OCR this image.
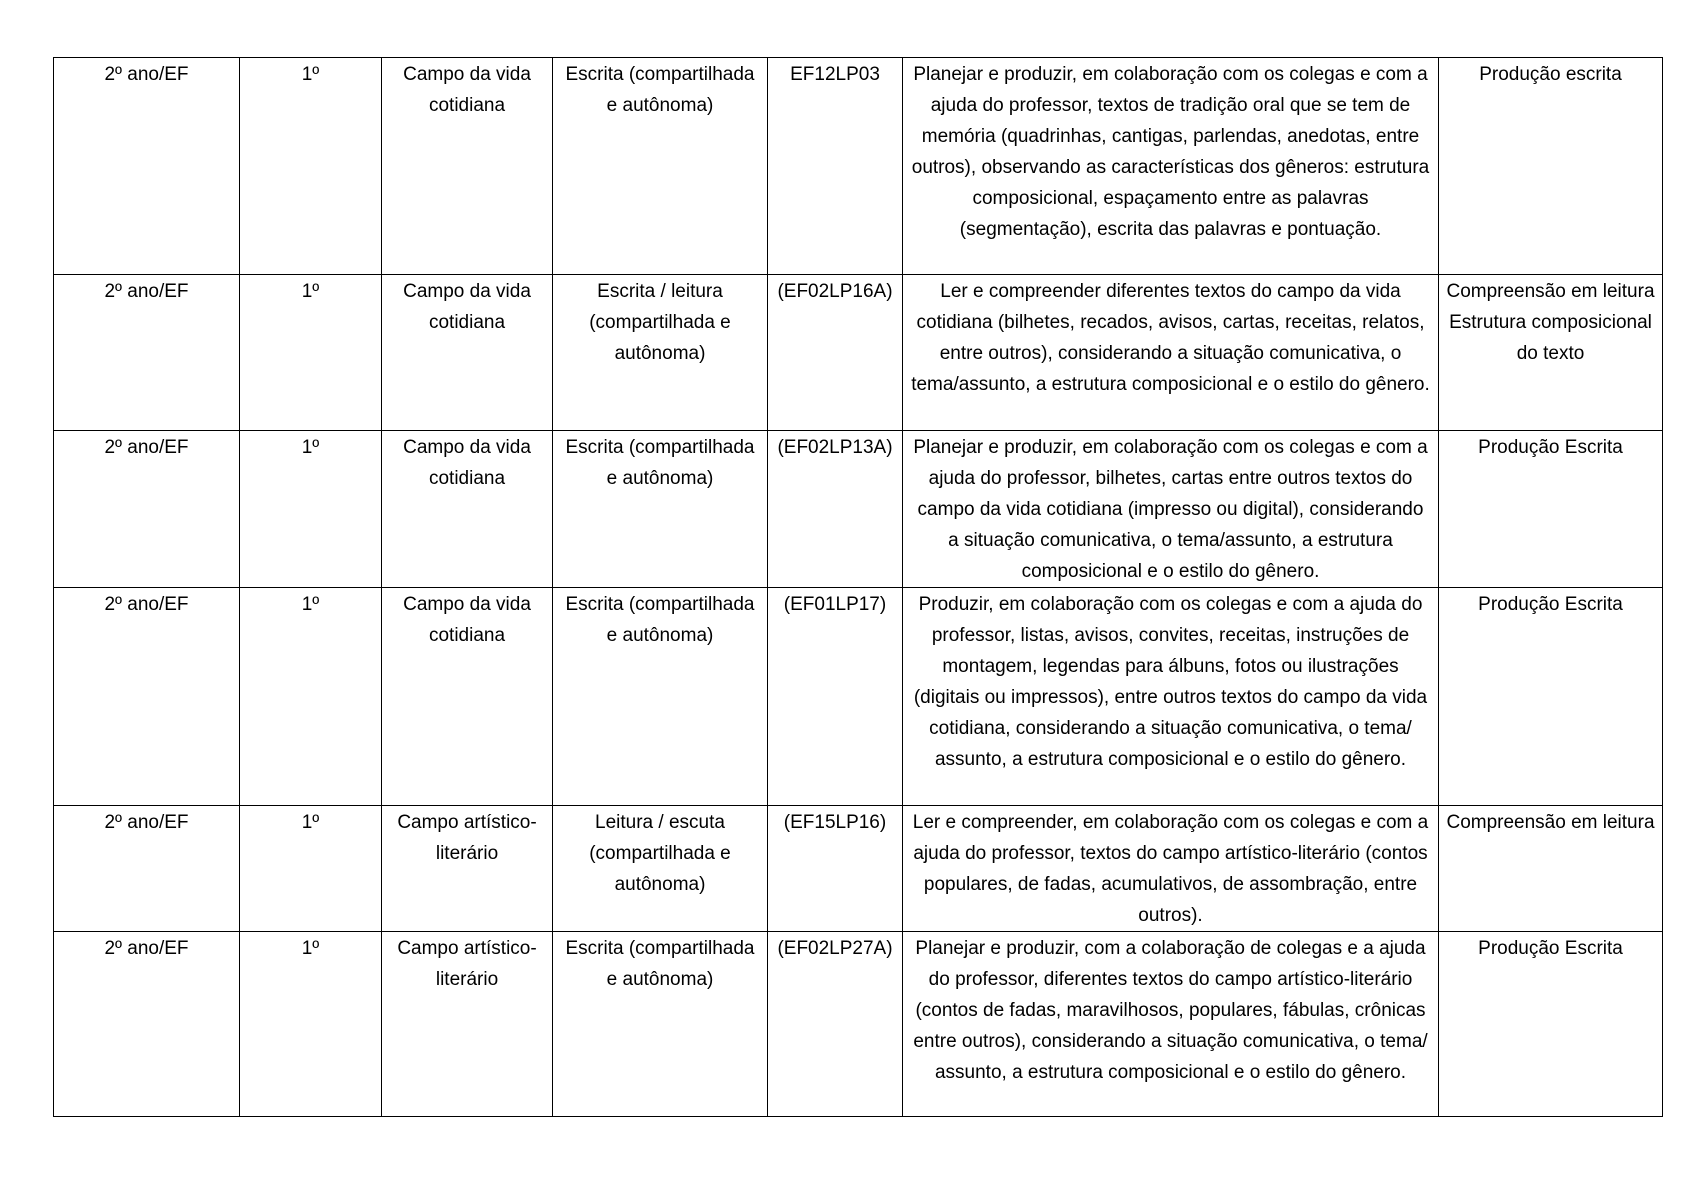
2º ano/EF	1º	Campo da vida cotidiana	Escrita (compartilhada e autônoma)	EF12LP03	Planejar e produzir, em colaboração com os colegas e com a ajuda do professor, textos de tradição oral que se tem de memória (quadrinhas, cantigas, parlendas, anedotas, entre outros), observando as características dos gêneros: estrutura composicional, espaçamento entre as palavras (segmentação), escrita das palavras e pontuação.	Produção escrita
2º ano/EF	1º	Campo da vida cotidiana	Escrita / leitura (compartilhada e autônoma)	(EF02LP16A)	Ler e compreender diferentes textos do campo da vida cotidiana (bilhetes, recados, avisos, cartas, receitas, relatos, entre outros), considerando a situação comunicativa, o tema/assunto, a estrutura composicional e o estilo do gênero.	Compreensão em leitura Estrutura composicional do texto
2º ano/EF	1º	Campo da vida cotidiana	Escrita (compartilhada e autônoma)	(EF02LP13A)	Planejar e produzir, em colaboração com os colegas e com a ajuda do professor, bilhetes, cartas entre outros textos do campo da vida cotidiana (impresso ou digital), considerando a situação comunicativa, o tema/assunto, a estrutura composicional e o estilo do gênero.	Produção Escrita
2º ano/EF	1º	Campo da vida cotidiana	Escrita (compartilhada e autônoma)	(EF01LP17)	Produzir, em colaboração com os colegas e com a ajuda do professor, listas, avisos, convites, receitas, instruções de montagem, legendas para álbuns, fotos ou ilustrações (digitais ou impressos), entre outros textos do campo da vida cotidiana, considerando a situação comunicativa, o tema/ assunto, a estrutura composicional e o estilo do gênero.	Produção Escrita
2º ano/EF	1º	Campo artístico-literário	Leitura / escuta (compartilhada e autônoma)	(EF15LP16)	Ler e compreender, em colaboração com os colegas e com a ajuda do professor, textos do campo artístico-literário (contos populares, de fadas, acumulativos, de assombração, entre outros).	Compreensão em leitura
2º ano/EF	1º	Campo artístico-literário	Escrita (compartilhada e autônoma)	(EF02LP27A)	Planejar e produzir, com a colaboração de colegas e a ajuda do professor, diferentes textos do campo artístico-literário (contos de fadas, maravilhosos, populares, fábulas, crônicas entre outros), considerando a situação comunicativa, o tema/ assunto, a estrutura composicional e o estilo do gênero.	Produção Escrita
